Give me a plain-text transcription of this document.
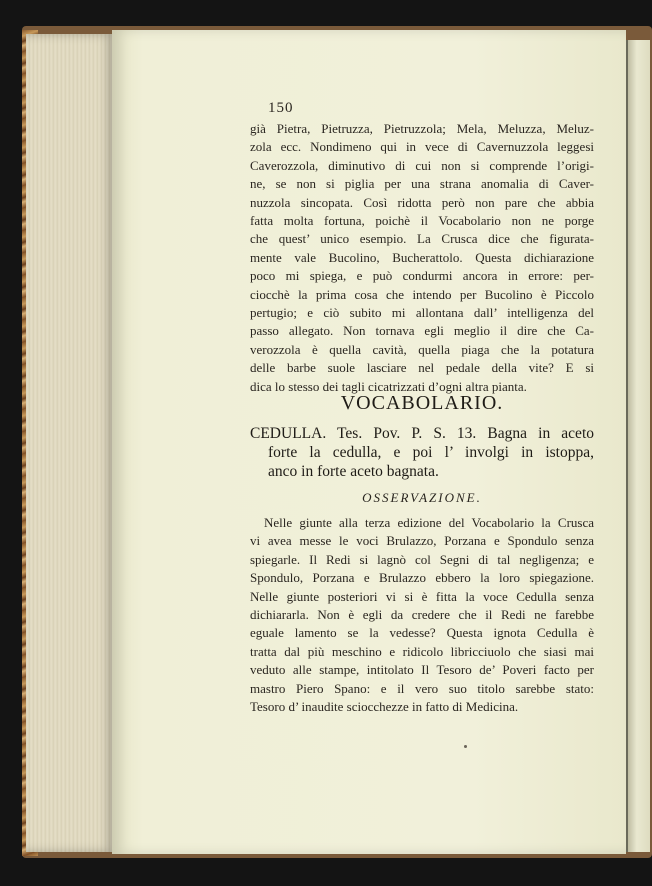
150
già Pietra, Pietruzza, Pietruzzola; Mela, Meluzza, Meluz-
zola ecc. Nondimeno qui in vece di Cavernuzzola leggesi
Caverozzola, diminutivo di cui non si comprende l’origi-
ne, se non si piglia per una strana anomalia di Caver-
nuzzola sincopata. Così ridotta però non pare che abbia
fatta molta fortuna, poichè il Vocabolario non ne porge
che quest’ unico esempio. La Crusca dice che figurata-
mente vale Bucolino, Bucherattolo. Questa dichiarazione
poco mi spiega, e può condurmi ancora in errore: per-
ciocchè la prima cosa che intendo per Bucolino è Piccolo
pertugio; e ciò subito mi allontana dall’ intelligenza del
passo allegato. Non tornava egli meglio il dire che Ca-
verozzola è quella cavità, quella piaga che la potatura
delle barbe suole lasciare nel pedale della vite? E si
dica lo stesso dei tagli cicatrizzati d’ogni altra pianta.
VOCABOLARIO.
CEDULLA. Tes. Pov. P. S. 13. Bagna in aceto
forte la cedulla, e poi l’ involgi in istoppa,
anco in forte aceto bagnata.
OSSERVAZIONE.
Nelle giunte alla terza edizione del Vocabolario la Crusca
vi avea messe le voci Brulazzo, Porzana e Spondulo senza
spiegarle. Il Redi si lagnò col Segni di tal negligenza; e
Spondulo, Porzana e Brulazzo ebbero la loro spiegazione.
Nelle giunte posteriori vi si è fitta la voce Cedulla senza
dichiararla. Non è egli da credere che il Redi ne farebbe
eguale lamento se la vedesse? Questa ignota Cedulla è
tratta dal più meschino e ridicolo libricciuolo che siasi mai
veduto alle stampe, intitolato Il Tesoro de’ Poveri facto per
mastro Piero Spano: e il vero suo titolo sarebbe stato:
Tesoro d’ inaudite sciocchezze in fatto di Medicina.
